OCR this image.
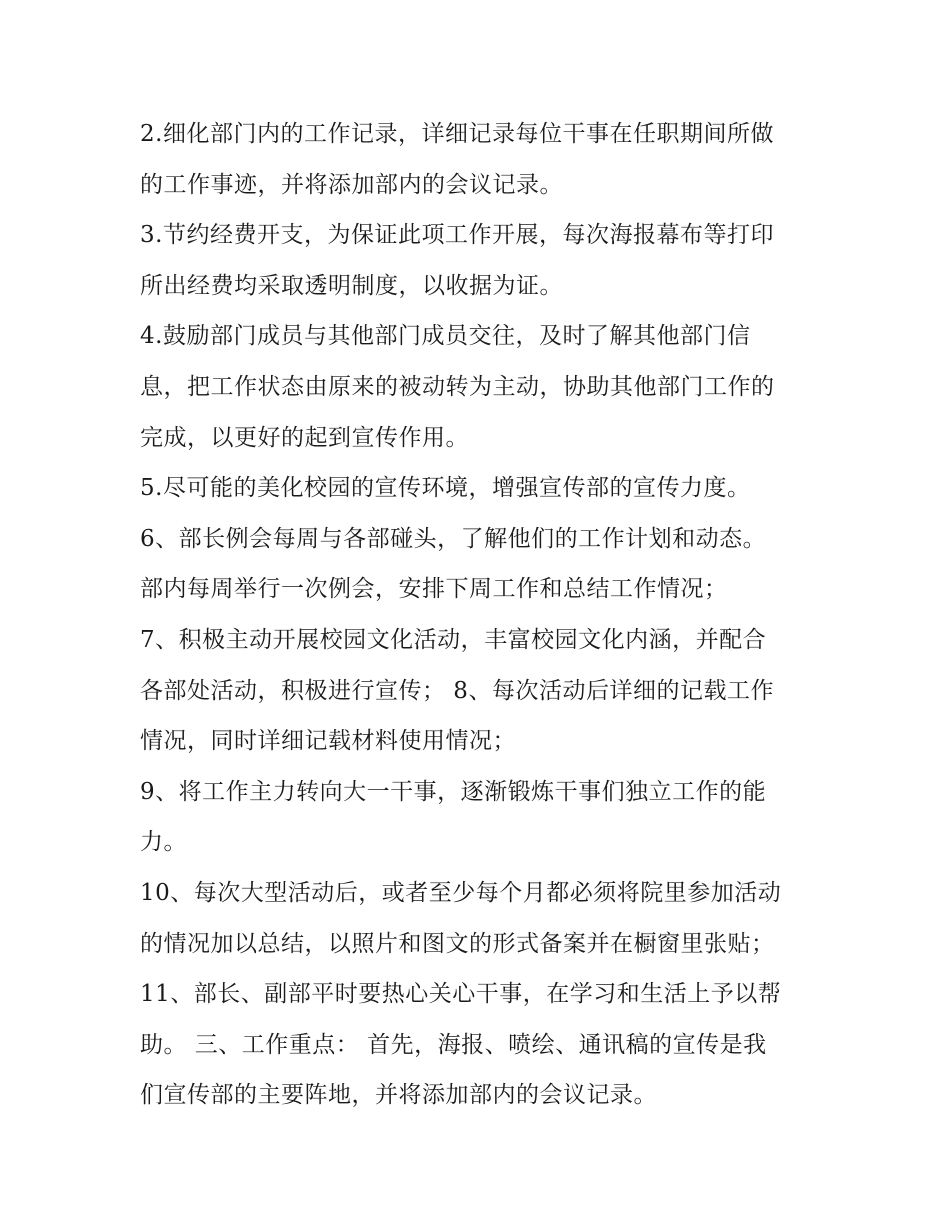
2.细化部门内的工作记录，详细记录每位干事在任职期间所做
的工作事迹，并将添加部内的会议记录。
3.节约经费开支，为保证此项工作开展，每次海报幕布等打印
所出经费均采取透明制度，以收据为证。
4.鼓励部门成员与其他部门成员交往，及时了解其他部门信
息，把工作状态由原来的被动转为主动，协助其他部门工作的
完成，以更好的起到宣传作用。
5.尽可能的美化校园的宣传环境，增强宣传部的宣传力度。
6、部长例会每周与各部碰头，了解他们的工作计划和动态。
部内每周举行一次例会，安排下周工作和总结工作情况；
7、积极主动开展校园文化活动，丰富校园文化内涵，并配合
各部处活动，积极进行宣传； 8、每次活动后详细的记载工作
情况，同时详细记载材料使用情况；
9、将工作主力转向大一干事，逐渐锻炼干事们独立工作的能
力。
10、每次大型活动后，或者至少每个月都必须将院里参加活动
的情况加以总结，以照片和图文的形式备案并在橱窗里张贴；
11、部长、副部平时要热心关心干事，在学习和生活上予以帮
助。 三、工作重点： 首先，海报、喷绘、通讯稿的宣传是我
们宣传部的主要阵地，并将添加部内的会议记录。
